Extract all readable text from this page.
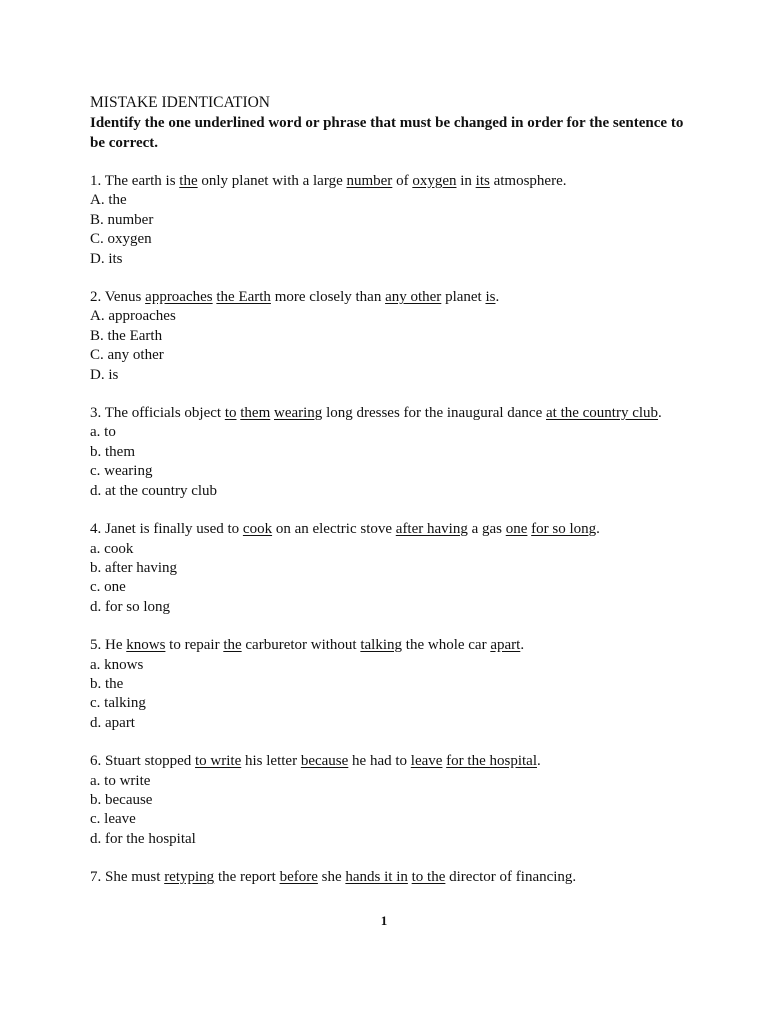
MISTAKE IDENTICATION

Identify the one underlined word or phrase that must be changed in order for the sentence to be correct.

1. The earth is the only planet with a large number of oxygen in its atmosphere.

A. the

B. number

C. oxygen

D. its

2. Venus approaches the Earth more closely than any other planet is.

A. approaches

B. the Earth

C. any other

D. is

3. The officials object to them wearing long dresses for the inaugural dance at the country club.

a. to

b. them

c. wearing

d. at the country club

4. Janet is finally used to cook on an electric stove after having a gas one for so long.

a. cook

b. after having

c. one

d. for so long

5. He knows to repair the carburetor without talking the whole car apart.

a. knows

b. the

c. talking

d. apart

6. Stuart stopped to write his letter because he had to leave for the hospital.

a. to write

b. because

c. leave

d. for the hospital

7. She must retyping the report before she hands it in to the director of financing.

1
